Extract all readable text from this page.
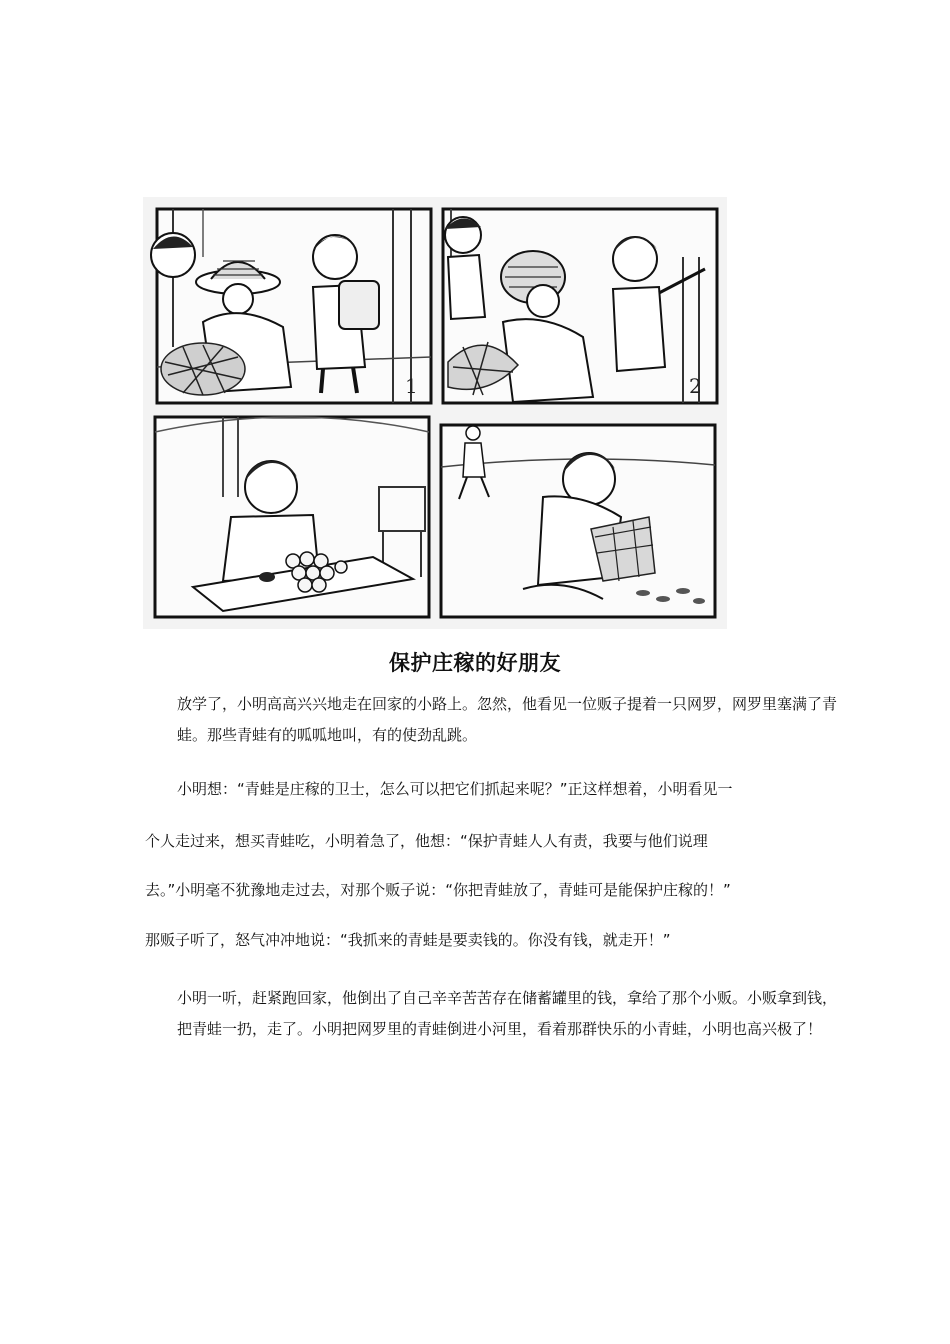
1	2
保护庄稼的好朋友

放学了，小明高高兴兴地走在回家的小路上。忽然，他看见一位贩子提着一只网罗，网罗里塞满了青蛙。那些青蛙有的呱呱地叫，有的使劲乱跳。

小明想：“青蛙是庄稼的卫士，怎么可以把它们抓起来呢？”正这样想着，小明看见一

个人走过来，想买青蛙吃，小明着急了，他想：“保护青蛙人人有责，我要与他们说理

去。”小明毫不犹豫地走过去，对那个贩子说：“你把青蛙放了，青蛙可是能保护庄稼的！”

那贩子听了，怒气冲冲地说：“我抓来的青蛙是要卖钱的。你没有钱，就走开！”

小明一听，赶紧跑回家，他倒出了自己辛辛苦苦存在储蓄罐里的钱，拿给了那个小贩。小贩拿到钱，把青蛙一扔，走了。小明把网罗里的青蛙倒进小河里，看着那群快乐的小青蛙，小明也高兴极了！
